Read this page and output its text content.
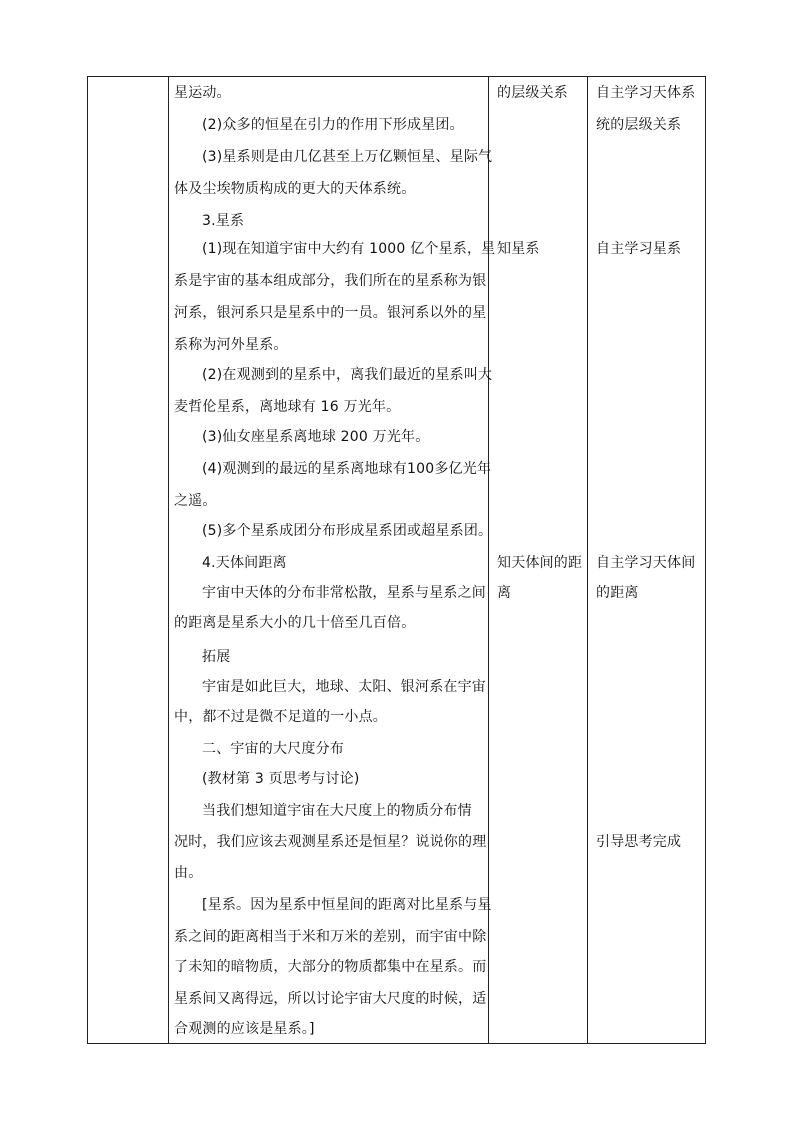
星运动。
(2)众多的恒星在引力的作用下形成星团。
(3)星系则是由几亿甚至上万亿颗恒星、星际气
体及尘埃物质构成的更大的天体系统。
3.星系
(1)现在知道宇宙中大约有 1000 亿个星系，星
系是宇宙的基本组成部分，我们所在的星系称为银
河系，银河系只是星系中的一员。银河系以外的星
系称为河外星系。
(2)在观测到的星系中，离我们最近的星系叫大
麦哲伦星系，离地球有 16 万光年。
(3)仙女座星系离地球 200 万光年。
(4)观测到的最远的星系离地球有100多亿光年
之遥。
(5)多个星系成团分布形成星系团或超星系团。
4.天体间距离
宇宙中天体的分布非常松散，星系与星系之间
的距离是星系大小的几十倍至几百倍。
拓展
宇宙是如此巨大，地球、太阳、银河系在宇宙
中，都不过是微不足道的一小点。
二、宇宙的大尺度分布
(教材第 3 页思考与讨论)
当我们想知道宇宙在大尺度上的物质分布情
况时，我们应该去观测星系还是恒星？说说你的理
由。
[星系。因为星系中恒星间的距离对比星系与星
系之间的距离相当于米和万米的差别，而宇宙中除
了未知的暗物质，大部分的物质都集中在星系。而
星系间又离得远，所以讨论宇宙大尺度的时候，适
合观测的应该是星系。]
的层级关系
知星系
知天体间的距
离
自主学习天体系
统的层级关系
自主学习星系
自主学习天体间
的距离
引导思考完成
